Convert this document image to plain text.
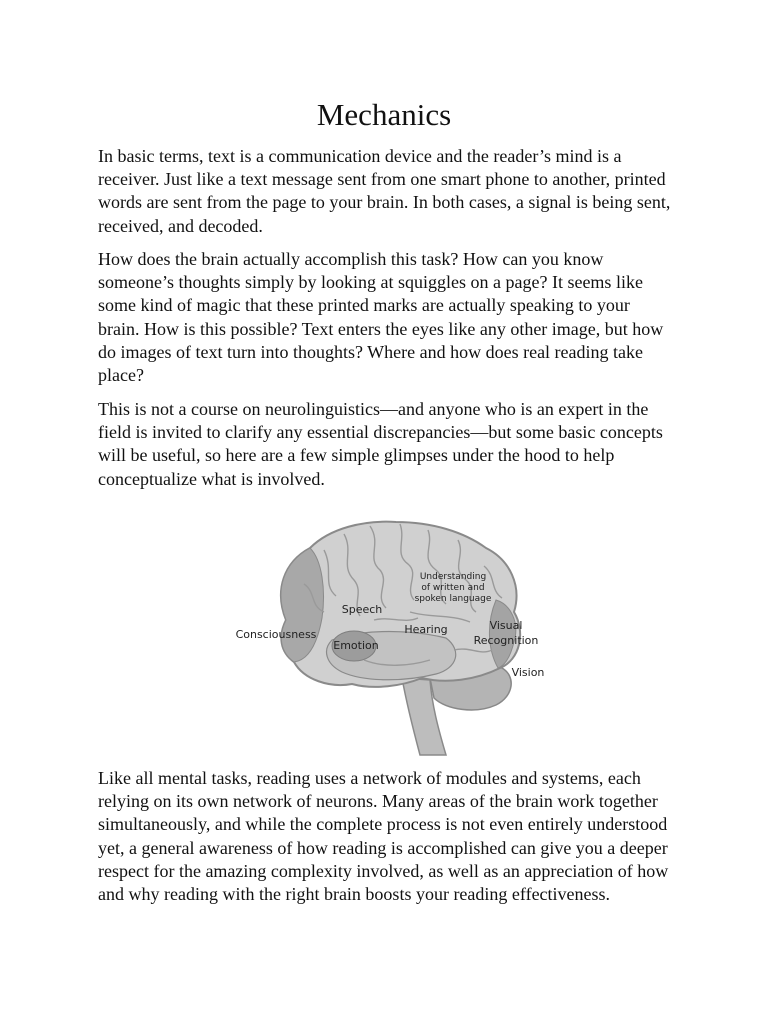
Mechanics

In basic terms, text is a communication device and the reader’s mind is a receiver. Just like a text message sent from one smart phone to another, printed words are sent from the page to your brain. In both cases, a signal is being sent, received, and decoded.

How does the brain actually accomplish this task? How can you know someone’s thoughts simply by looking at squiggles on a page? It seems like some kind of magic that these printed marks are actually speaking to your brain. How is this possible? Text enters the eyes like any other image, but how do images of text turn into thoughts? Where and how does real reading take place?

This is not a course on neurolinguistics—and anyone who is an expert in the field is invited to clarify any essential discrepancies—but some basic concepts will be useful, so here are a few simple glimpses under the hood to help conceptualize what is involved.

Understanding
of written and
spoken language
Speech
Hearing
Consciousness
Emotion
Visual
Recognition
Vision

Like all mental tasks, reading uses a network of modules and systems, each relying on its own network of neurons. Many areas of the brain work together simultaneously, and while the complete process is not even entirely understood yet, a general awareness of how reading is accomplished can give you a deeper respect for the amazing complexity involved, as well as an appreciation of how and why reading with the right brain boosts your reading effectiveness.
